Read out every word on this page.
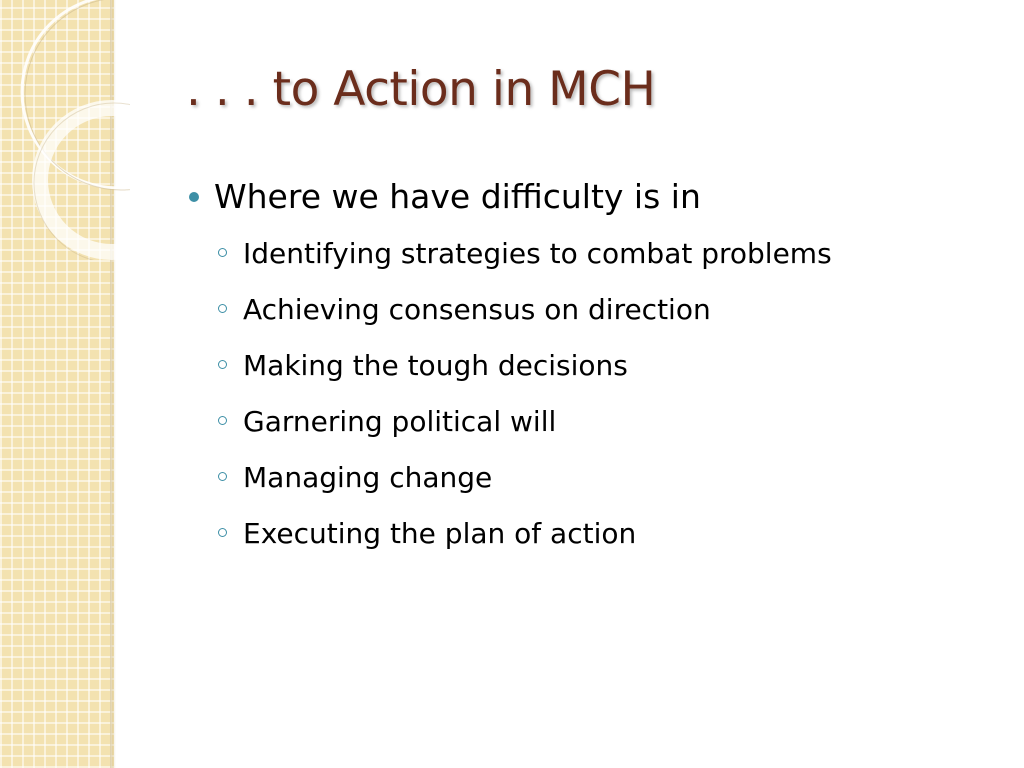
. . . to Action in MCH
Where we have difficulty is in
Identifying strategies to combat problems
Achieving consensus on direction
Making the tough decisions
Garnering political will
Managing change
Executing the plan of action
